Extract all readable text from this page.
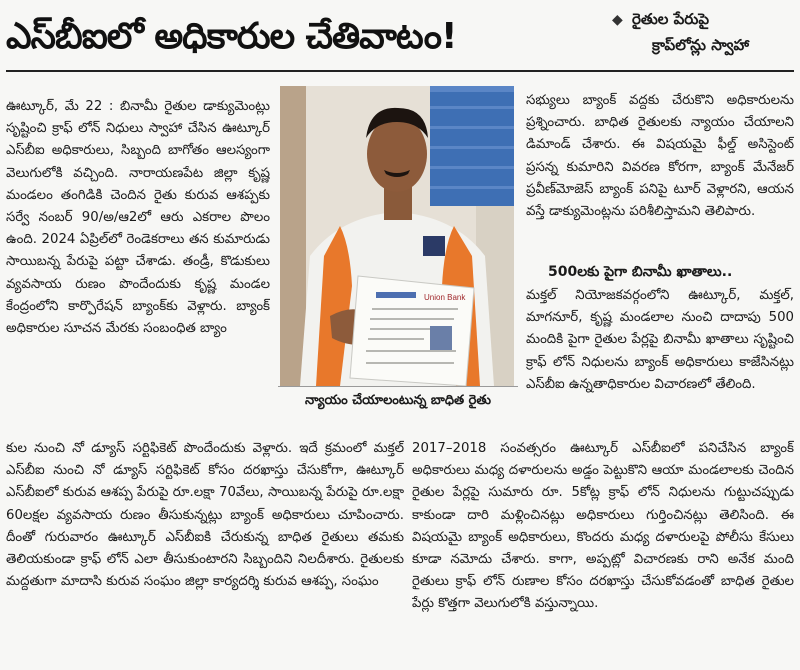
ఎస్‌బీఐలో అధికారుల చేతివాటం!	◆ రైతుల పేరుపై
క్రాప్‌లోన్లు స్వాహా

ఊట్కూర్, మే 22 : బినామీ రైతుల డాక్యుమెంట్లు సృష్టించి క్రాఫ్ లోన్ నిధులు స్వాహా చేసిన ఊట్కూర్ ఎస్‌బీఐ అధికారులు, సిబ్బంది బాగోతం ఆలస్యంగా వెలుగులోకి వచ్చింది. నారాయణపేట జిల్లా కృష్ణ మండలం తంగిడికి చెందిన రైతు కురువ ఆశప్పకు సర్వే నంబర్ 90/అ/ఆ2లో ఆరు ఎకరాల పొలం ఉంది. 2024 ఏప్రిల్‌లో రెండెకరాలు తన కుమారుడు సాయిబన్న పేరుపై పట్టా చేశాడు. తండ్రీ, కొడుకులు వ్యవసాయ రుణం పొందేందుకు కృష్ణ మండల కేంద్రంలోని కార్పొరేషన్ బ్యాంక్‌కు వెళ్లారు. బ్యాంక్ అధికారుల సూచన మేరకు సంబంధిత బ్యాం

Union Bank
న్యాయం చేయాలంటున్న బాధిత రైతు

సభ్యులు బ్యాంక్ వద్దకు చేరుకొని అధికారులను ప్రశ్నించారు. బాధిత రైతులకు న్యాయం చేయాలని డిమాండ్ చేశారు. ఈ విషయమై ఫీల్డ్ అసిస్టెంట్ ప్రసన్న కుమారిని వివరణ కోరగా, బ్యాంక్ మేనేజర్ ప్రవీణ్‌మోజెస్ బ్యాంక్ పనిపై టూర్ వెళ్లారని, ఆయన వస్తే డాక్యుమెంట్లను పరిశీలిస్తామని తెలిపారు.

500లకు పైగా బినామీ ఖాతాలు..

మక్తల్ నియోజకవర్గంలోని ఊట్కూర్, మక్తల్, మాగనూర్, కృష్ణ మండలాల నుంచి దాదాపు 500 మందికి పైగా రైతుల పేర్లపై బినామీ ఖాతాలు సృష్టించి క్రాఫ్ లోన్ నిధులను బ్యాంక్ అధికారులు కాజేసినట్లు ఎస్‌బీఐ ఉన్నతాధికారుల విచారణలో తేలింది.

కుల నుంచి నో డ్యూస్ సర్టిఫికెట్ పొందేందుకు వెళ్లారు. ఇదే క్రమంలో మక్తల్ ఎస్‌బీఐ నుంచి నో డ్యూస్ సర్టిఫికెట్ కోసం దరఖాస్తు చేసుకోగా, ఊట్కూర్ ఎస్‌బీఐలో కురువ ఆశప్ప పేరుపై రూ.లక్షా 70వేలు, సాయిబన్న పేరుపై రూ.లక్షా 60లక్షల వ్యవసాయ రుణం తీసుకున్నట్లు బ్యాంక్ అధికారులు చూపించారు. దీంతో గురువారం ఊట్కూర్ ఎస్‌బీఐకి చేరుకున్న బాధిత రైతులు తమకు తెలియకుండా క్రాఫ్ లోన్ ఎలా తీసుకుంటారని సిబ్బందిని నిలదీశారు. రైతులకు మద్దతుగా మాదాసి కురువ సంఘం జిల్లా కార్యదర్శి కురువ ఆశప్ప, సంఘం

2017–2018 సంవత్సరం ఊట్కూర్ ఎస్‌బీఐలో పనిచేసిన బ్యాంక్ అధికారులు మధ్య దళారులను అడ్డం పెట్టుకొని ఆయా మండలాలకు చెందిన రైతుల పేర్లపై సుమారు రూ. 5కోట్ల క్రాఫ్ లోన్ నిధులను గుట్టుచప్పుడు కాకుండా దారి మళ్లించినట్లు అధికారులు గుర్తించినట్లు తెలిసింది. ఈ విషయమై బ్యాంక్ అధికారులు, కొందరు మధ్య దళారులపై పోలీసు కేసులు కూడా నమోదు చేశారు. కాగా, అప్పట్లో విచారణకు రాని అనేక మంది రైతులు క్రాఫ్ లోన్ రుణాల కోసం దరఖాస్తు చేసుకోవడంతో బాధిత రైతుల పేర్లు కొత్తగా వెలుగులోకి వస్తున్నాయి.
